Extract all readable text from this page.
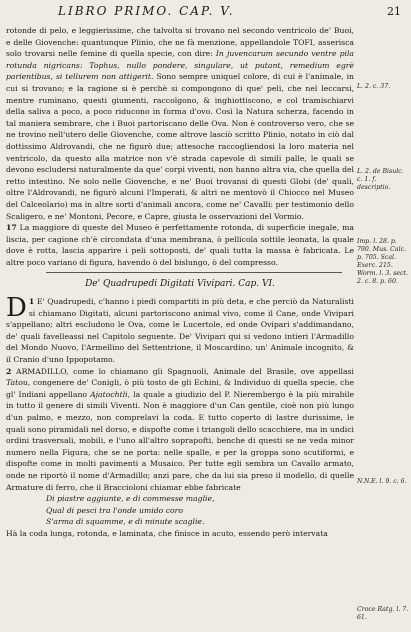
LIBRO PRIMO. CAP. V.	21

rotonde di pelo, e leggierissime, che talvolta si trovano nel secondo ventricolo de' Buoi, e delle Giovenche: quantunque Plinio, che ne fà menzione, appellandole TOFI, asserisca solo trovarsi nelle femine di quella specie, con dire: In juvencarum secundo ventre pila rotunda nigricans: Tophus, nullo pondere, singulare, ut putant, remedium egrè parientibus, si tellurem non attigerit. Sono sempre uniquel colore, di cui è l'animale, in cui si trovano; e la ragione si è perchè si compongono di que' peli, che nel leccarsi, mentre ruminano, questi giumenti, raccolgono, & inghiottiscono, e col tramischiarvi della saliva a poco, a poco riducono in forma d'ovo. Così la Natura scherza, facendo in tal maniera sembrare, che i Buoi partoriscano delle Ova. Non è controverso vero, che se ne trovino nell'utero delle Giovenche, come altrove lasciò scritto Plinio, notato in ciò dal dottissimo Aldrovandi, che ne figurò due; attesoche raccogliendosi la loro materia nel ventricolo, da questo alla matrice non v'è strada capevole di simili palle, le quali se devono escludersi naturalmente da que' corpi viventi, non hanno altra via, che quella del retto intestino. Ne solo nelle Giovenche, e ne' Buoi trovansi di questi Globi (de' quali, oltre l'Aldrovandi, ne figurò alcuni l'Imperati, & altri ne mentovò il Chiocco nel Museo del Calceolario) ma in altre sorti d'animali ancora, come ne' Cavalli: per testimonio dello Scaligero, e ne' Montoni, Pecore, e Capre, giusta le osservazioni del Vormio.

17 La maggiore di queste del Museo è perfettamente rotonda, di superficie inegale, ma liscia, per cagione ch'è circondata d'una membrana, ò pellicola sottile leonata, la quale dove è rotta, lascia apparire i peli sottoposti, de' quali tutta la massa è fabricata. Le altre poco variano di figura, havendo ò del bislungo, ò del compresso.

De' Quadrupedi Digitati Vivipari. Cap. VI.

1
D E' Quadrupedi, c'hanno i piedi compartiti in più deta, e che perciò da Naturalisti si chiamano Digitati, alcuni partoriscono animal vivo, come il Cane, onde Vivipari s'appellano; altri escludono le Ova, come le Lucertole, ed onde Ovipari s'addimandano, de' quali favelleassi nel Capitolo seguente. De' Vivipari qui si vedono intieri l'Armadillo del Mondo Nuovo, l'Armellino del Settentrione, il Moscardino, un' Animale incognito, & il Cranio d'uno Ippopotamo.

2 ARMADILLO, come lo chiamano gli Spagnuoli, Animale del Brasile, ove appellasi Tatou, congenere de' Conigli, ò più tosto de gli Echini, & Individuo di quella specie, che gl' Indiani appellano Ajatochtli, la quale a giudizio del P. Nierembergo è la più mirabile in tutto il genere di simili Viventi. Non è maggiore d'un Can gentile, cioè non più lungo d'un palmo, e mezzo, non comprelavi la coda. E tutto coperto di lastre durissime, le quali sono piramidali nel dorso, e dispofte come i triangoli dello scacchiere, ma in undici ordini trasversali, mobili, e l'uno all'altro soprapofti, benche di questi se ne veda minor numero nella Figura, che se ne porta: nelle spalle, e per la groppa sono scutiformi, e dispofte come in molti pavimenti a Musaico. Per tutte egli sembra un Cavallo armato, onde ne riportò il nome d'Armadillo; anzi pare, che da lui sia preso il modello, di quelle Armature di ferro, che il Braccioloni chiamar ebbe fabricate

Di piastre aggiunte, e di commesse maglie,
Qual di pesci tra l'onde umido coro
S'arma di squamme, e di minute scaglie.

Hà la coda lunga, rotonda, e laminata, che finisce in acuto, essendo però intervata

L. 2. c. 37.
L. 2. de Bisulc. c. 1. f. descriptio.
Imp. l. 28. p. 790. Mus. Calc. p. 705. Scal. Exerc. 215. Worm. l. 3. sect. 2. c. 8. p. 60.
N.N.E. l. 9. c. 6.
Croce Ratg. l. 7. 61.
